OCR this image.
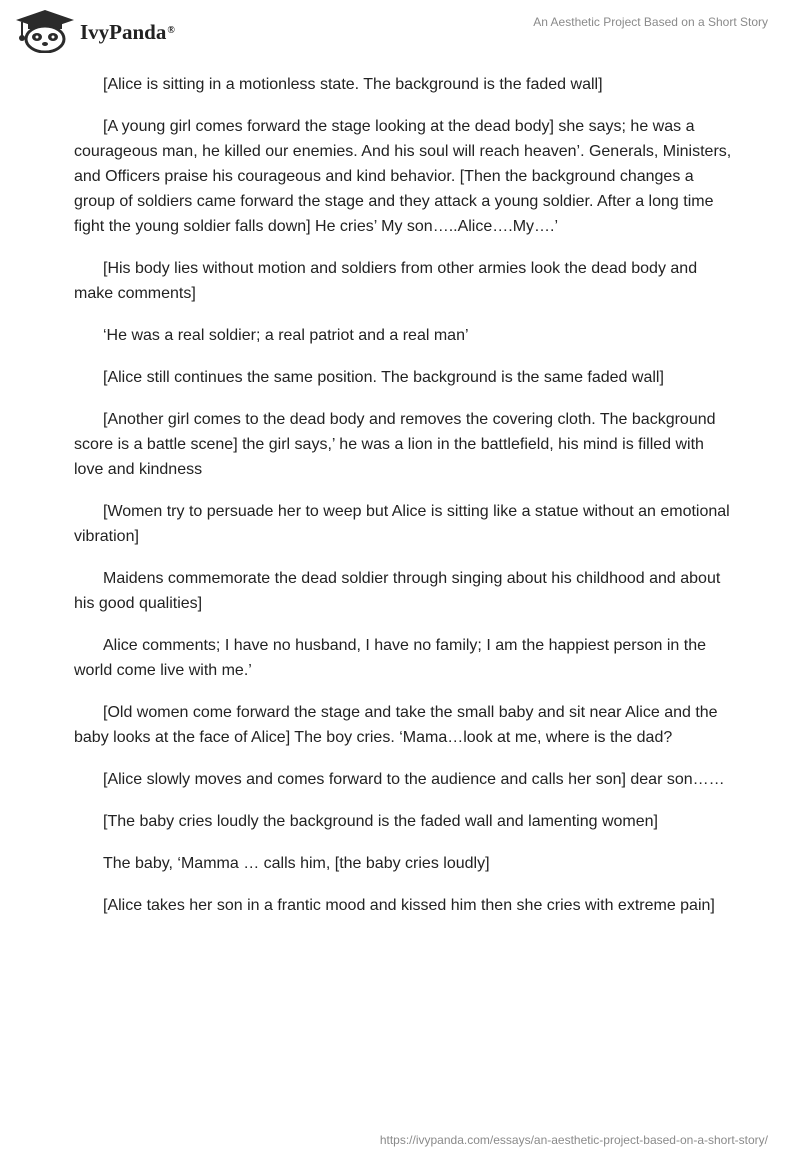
IvyPanda®
An Aesthetic Project Based on a Short Story

[Alice is sitting in a motionless state. The background is the faded wall]

[A young girl comes forward the stage looking at the dead body] she says; he was a courageous man, he killed our enemies. And his soul will reach heaven’. Generals, Ministers, and Officers praise his courageous and kind behavior. [Then the background changes a group of soldiers came forward the stage and they attack a young soldier. After a long time fight the young soldier falls down] He cries’ My son…..Alice….My….’

[His body lies without motion and soldiers from other armies look the dead body and make comments]

‘He was a real soldier; a real patriot and a real man’

[Alice still continues the same position. The background is the same faded wall]

[Another girl comes to the dead body and removes the covering cloth. The background score is a battle scene] the girl says,’ he was a lion in the battlefield, his mind is filled with love and kindness

[Women try to persuade her to weep but Alice is sitting like a statue without an emotional vibration]

Maidens commemorate the dead soldier through singing about his childhood and about his good qualities]

Alice comments; I have no husband, I have no family; I am the happiest person in the world come live with me.’

[Old women come forward the stage and take the small baby and sit near Alice and the baby looks at the face of Alice] The boy cries. ‘Mama…look at me, where is the dad?

[Alice slowly moves and comes forward to the audience and calls her son] dear son……

[The baby cries loudly the background is the faded wall and lamenting women]

The baby, ‘Mamma … calls him, [the baby cries loudly]

[Alice takes her son in a frantic mood and kissed him then she cries with extreme pain]

https://ivypanda.com/essays/an-aesthetic-project-based-on-a-short-story/
